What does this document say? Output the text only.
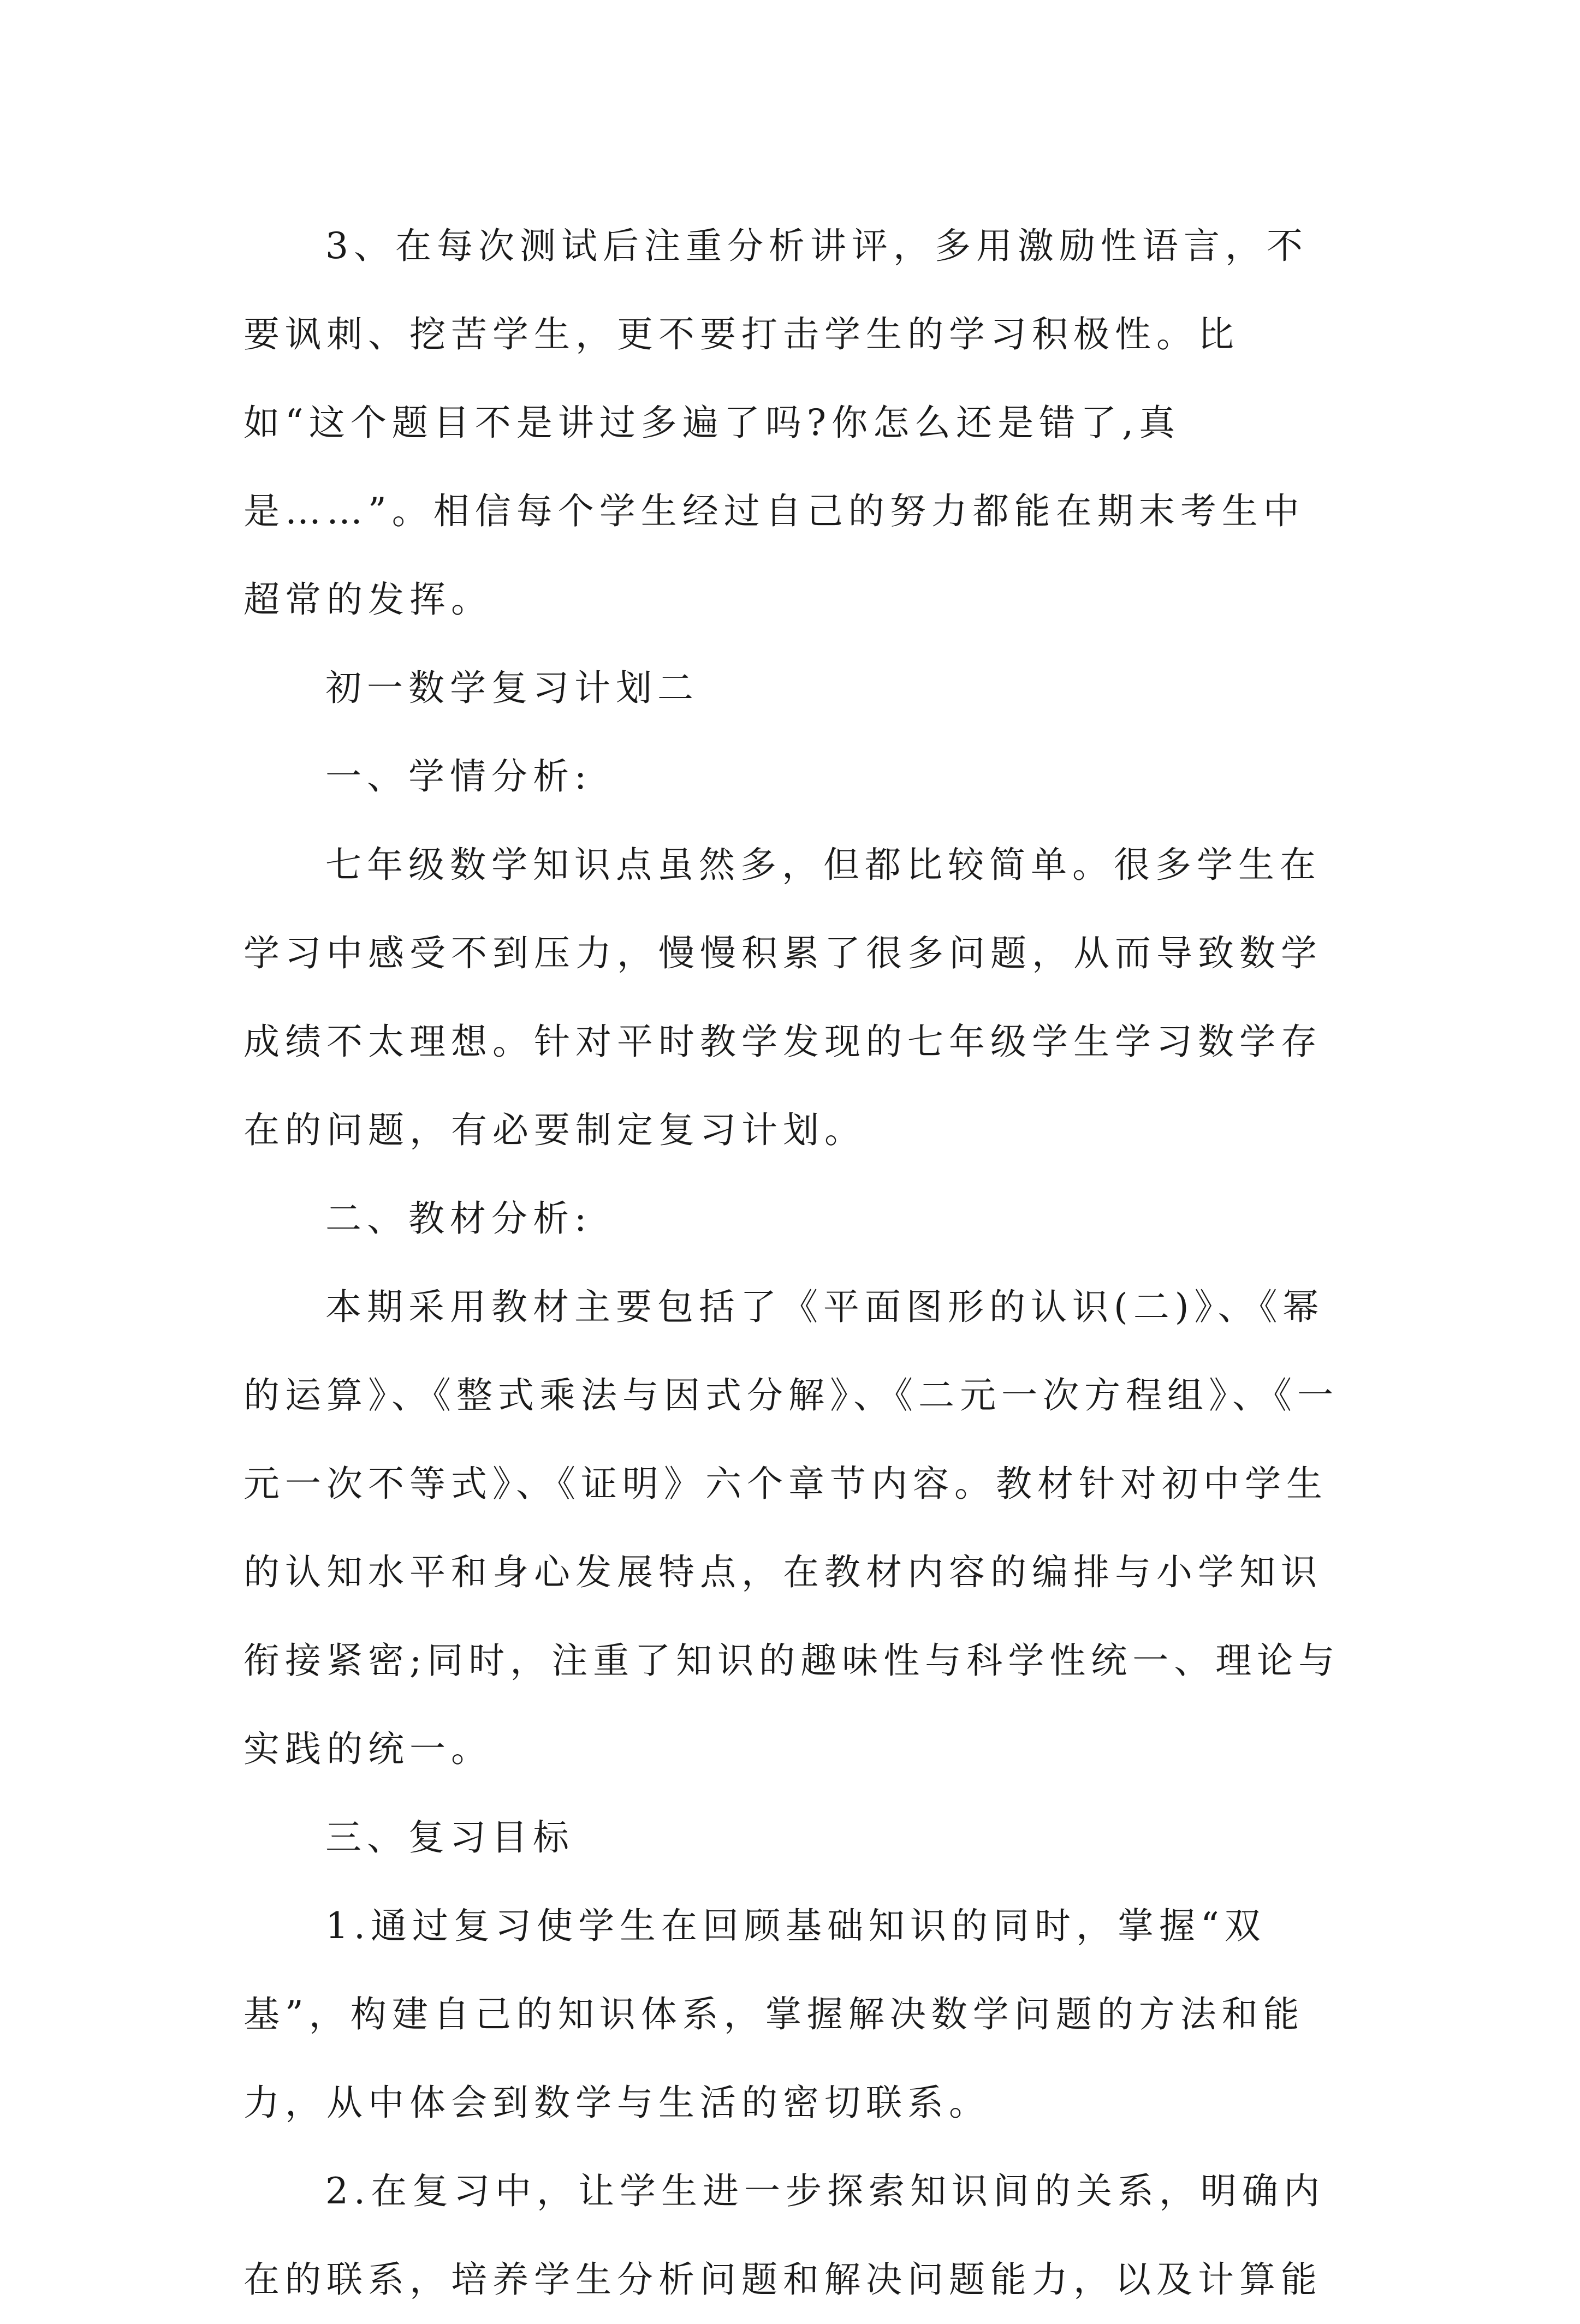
3、在每次测试后注重分析讲评，多用激励性语言，不要讽刺、挖苦学生，更不要打击学生的学习积极性。比如“这个题目不是讲过多遍了吗?你怎么还是错了,真是……”。相信每个学生经过自己的努力都能在期末考生中超常的发挥。

初一数学复习计划二

一、学情分析:

七年级数学知识点虽然多，但都比较简单。很多学生在学习中感受不到压力，慢慢积累了很多问题，从而导致数学成绩不太理想。针对平时教学发现的七年级学生学习数学存在的问题，有必要制定复习计划。

二、教材分析:

本期采用教材主要包括了《平面图形的认识(二)》、《幂的运算》、《整式乘法与因式分解》、《二元一次方程组》、《一元一次不等式》、《证明》六个章节内容。教材针对初中学生的认知水平和身心发展特点，在教材内容的编排与小学知识衔接紧密;同时，注重了知识的趣味性与科学性统一、理论与实践的统一。

三、复习目标

1.通过复习使学生在回顾基础知识的同时，掌握“双基”，构建自己的知识体系，掌握解决数学问题的方法和能力，从中体会到数学与生活的密切联系。

2.在复习中，让学生进一步探索知识间的关系，明确内在的联系，培养学生分析问题和解决问题能力，以及计算能
